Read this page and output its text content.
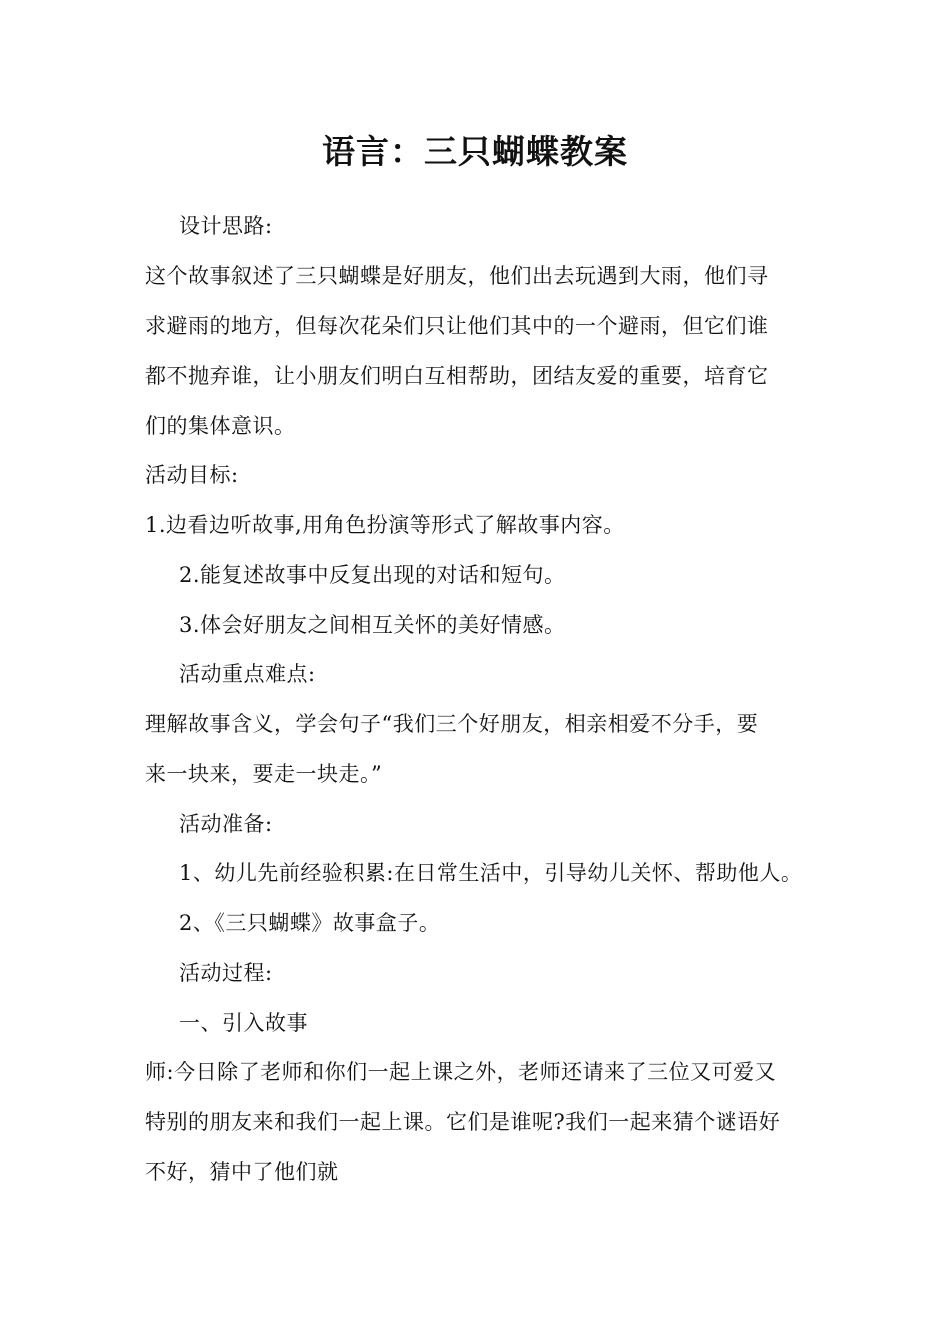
语言：三只蝴蝶教案
设计思路:
这个故事叙述了三只蝴蝶是好朋友，他们出去玩遇到大雨，他们寻
求避雨的地方，但每次花朵们只让他们其中的一个避雨，但它们谁
都不抛弃谁，让小朋友们明白互相帮助，团结友爱的重要，培育它
们的集体意识。
活动目标:
1.边看边听故事,用角色扮演等形式了解故事内容。
2.能复述故事中反复出现的对话和短句。
3.体会好朋友之间相互关怀的美好情感。
活动重点难点:
理解故事含义，学会句子“我们三个好朋友，相亲相爱不分手，要
来一块来，要走一块走。”
活动准备:
1、幼儿先前经验积累:在日常生活中，引导幼儿关怀、帮助他人。
2、《三只蝴蝶》故事盒子。
活动过程:
一、引入故事
师:今日除了老师和你们一起上课之外，老师还请来了三位又可爱又
特别的朋友来和我们一起上课。它们是谁呢?我们一起来猜个谜语好
不好，猜中了他们就
